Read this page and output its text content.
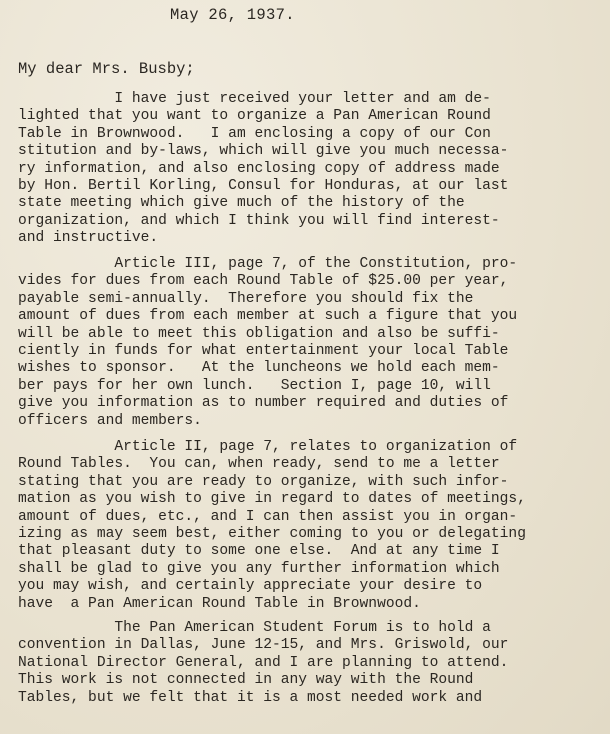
May 26, 1937.
My dear Mrs. Busby;
I have just received your letter and am de-
lighted that you want to organize a Pan American Round
Table in Brownwood.   I am enclosing a copy of our Con
stitution and by-laws, which will give you much necessa-
ry information, and also enclosing copy of address made
by Hon. Bertil Korling, Consul for Honduras, at our last
state meeting which give much of the history of the
organization, and which I think you will find interest-
and instructive.
Article III, page 7, of the Constitution, pro-
vides for dues from each Round Table of $25.00 per year,
payable semi-annually.  Therefore you should fix the
amount of dues from each member at such a figure that you
will be able to meet this obligation and also be suffi-
ciently in funds for what entertainment your local Table
wishes to sponsor.   At the luncheons we hold each mem-
ber pays for her own lunch.   Section I, page 10, will
give you information as to number required and duties of
officers and members.
Article II, page 7, relates to organization of
Round Tables.  You can, when ready, send to me a letter
stating that you are ready to organize, with such infor-
mation as you wish to give in regard to dates of meetings,
amount of dues, etc., and I can then assist you in organ-
izing as may seem best, either coming to you or delegating
that pleasant duty to some one else.  And at any time I
shall be glad to give you any further information which
you may wish, and certainly appreciate your desire to
have  a Pan American Round Table in Brownwood.
The Pan American Student Forum is to hold a
convention in Dallas, June 12-15, and Mrs. Griswold, our
National Director General, and I are planning to attend.
This work is not connected in any way with the Round
Tables, but we felt that it is a most needed work and
